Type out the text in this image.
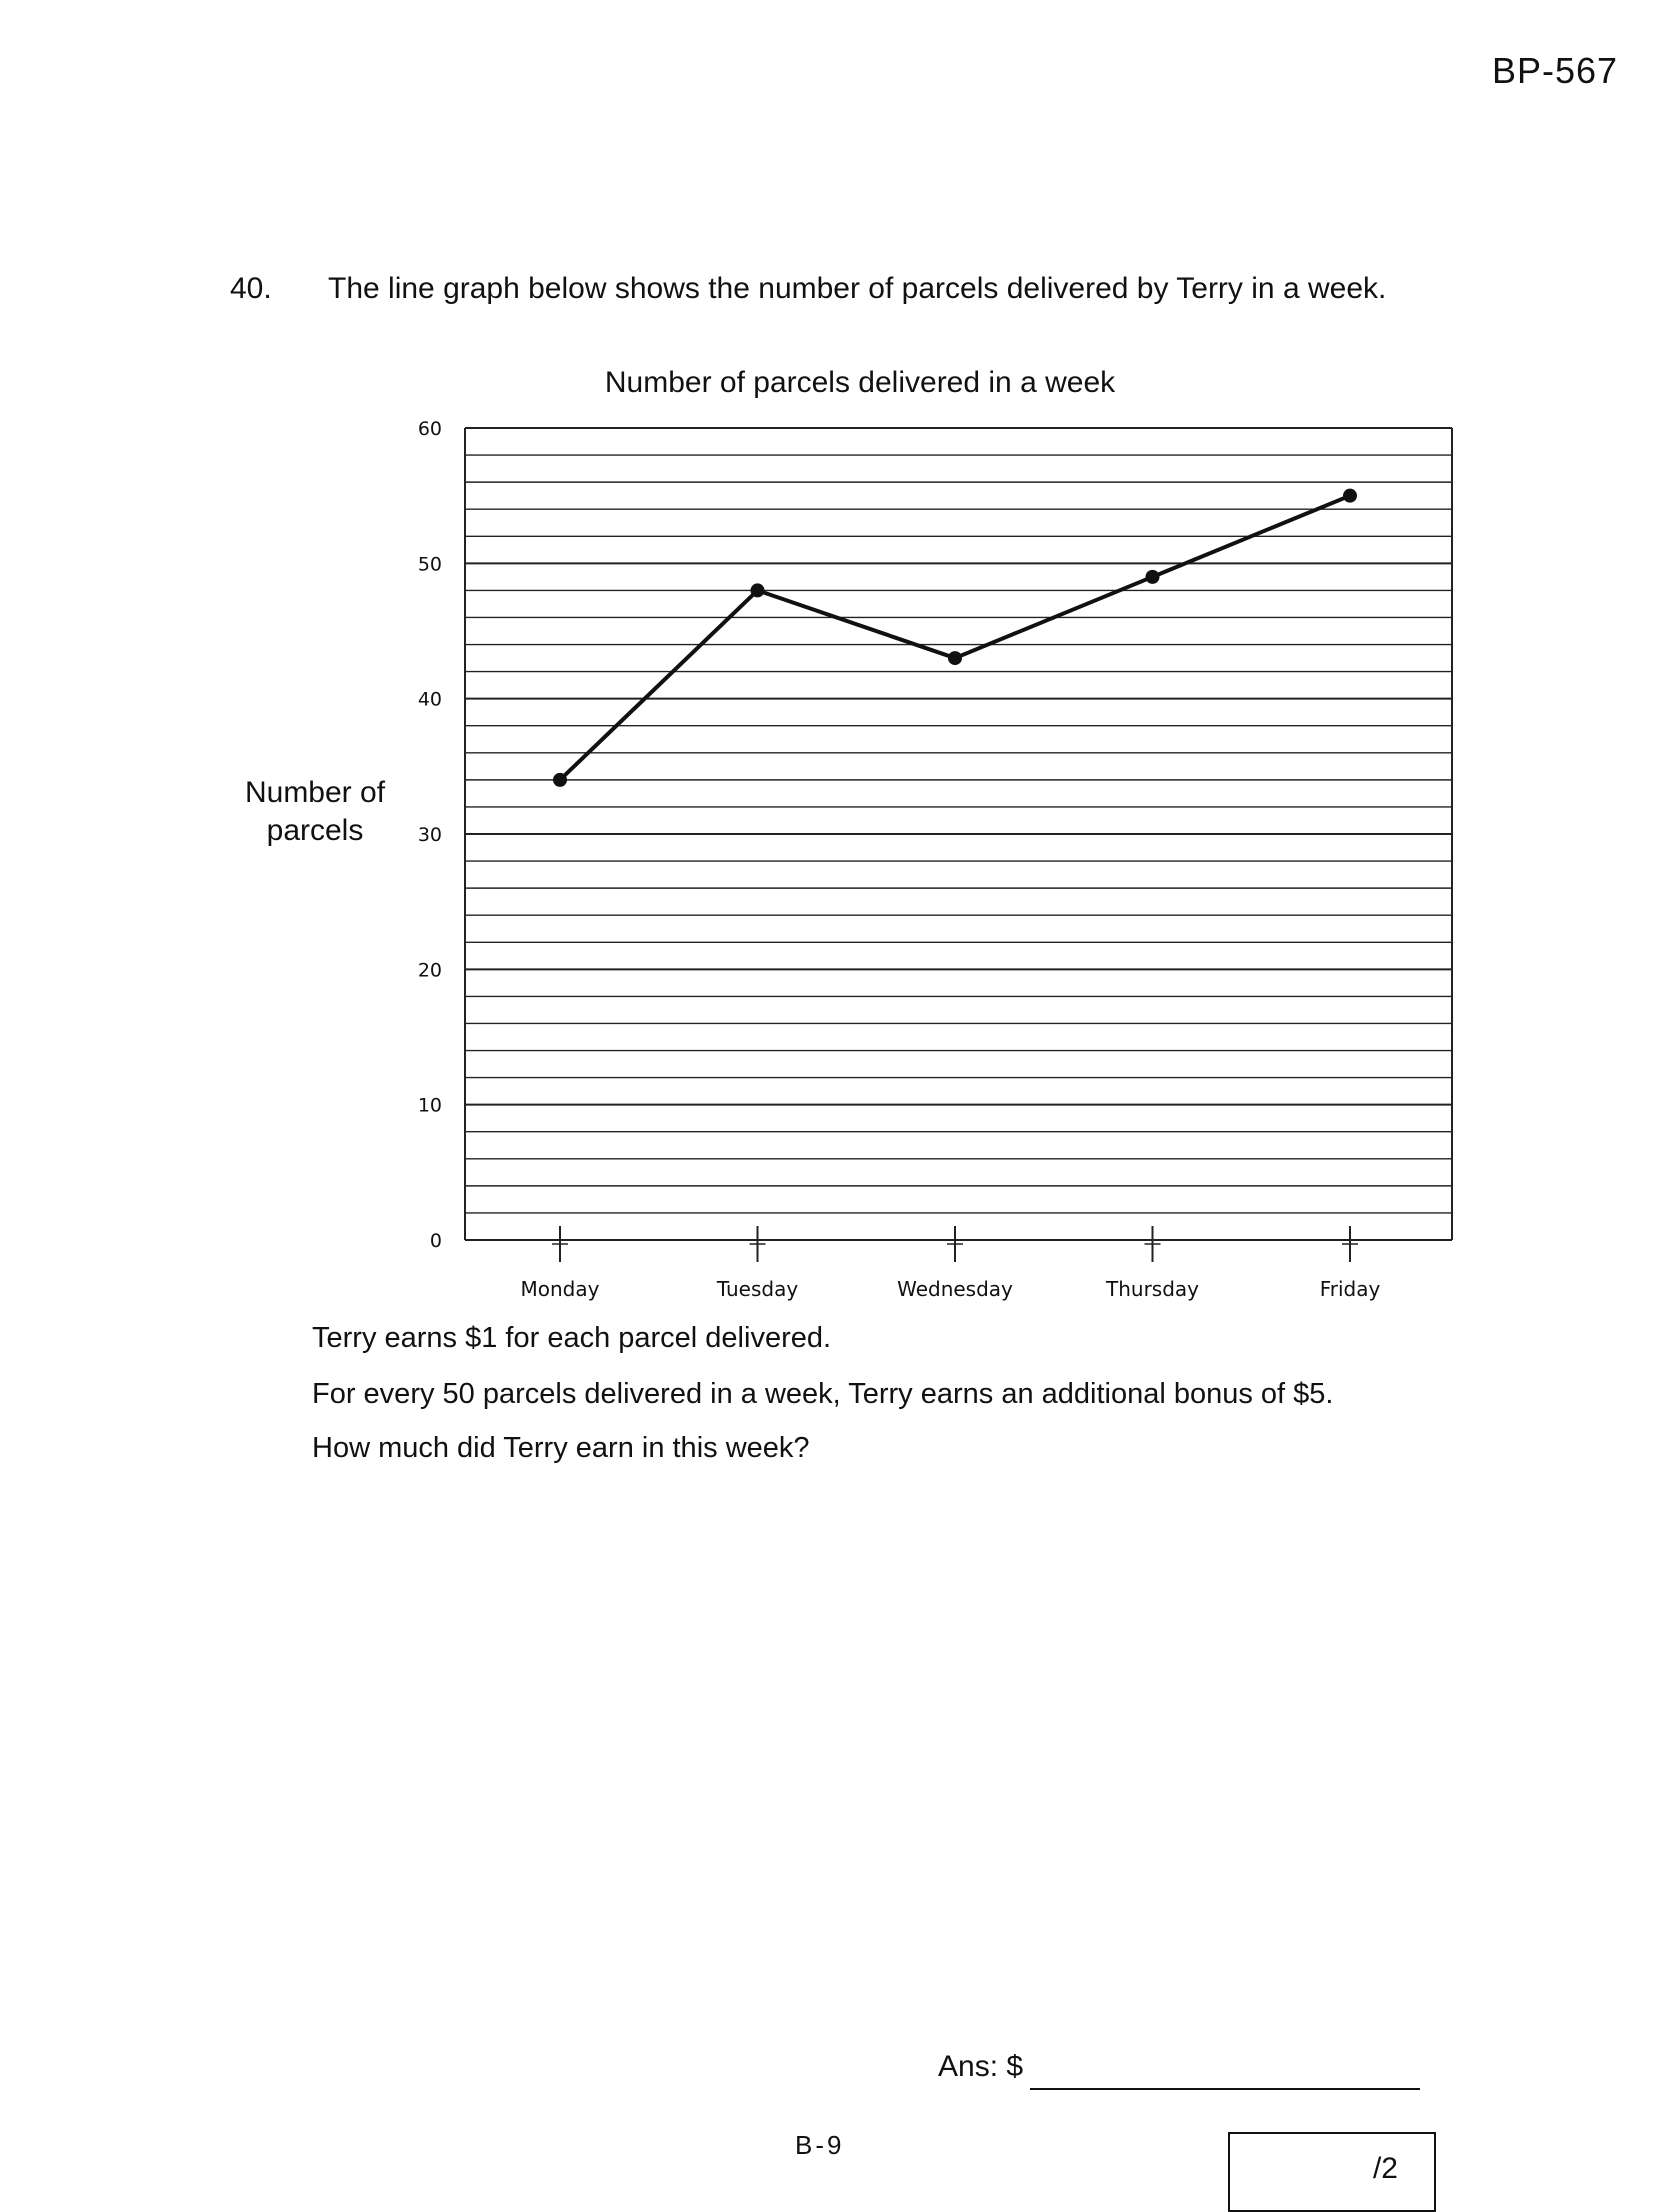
BP-567
40. The line graph below shows the number of parcels delivered by Terry in a week.
Number of parcels delivered in a week
Number of parcels
0
10
20
30
40
50
60
Monday	Tuesday	Wednesday	Thursday	Friday
Terry earns $1 for each parcel delivered.
For every 50 parcels delivered in a week, Terry earns an additional bonus of $5.
How much did Terry earn in this week?
Ans: $
B-9
/2
